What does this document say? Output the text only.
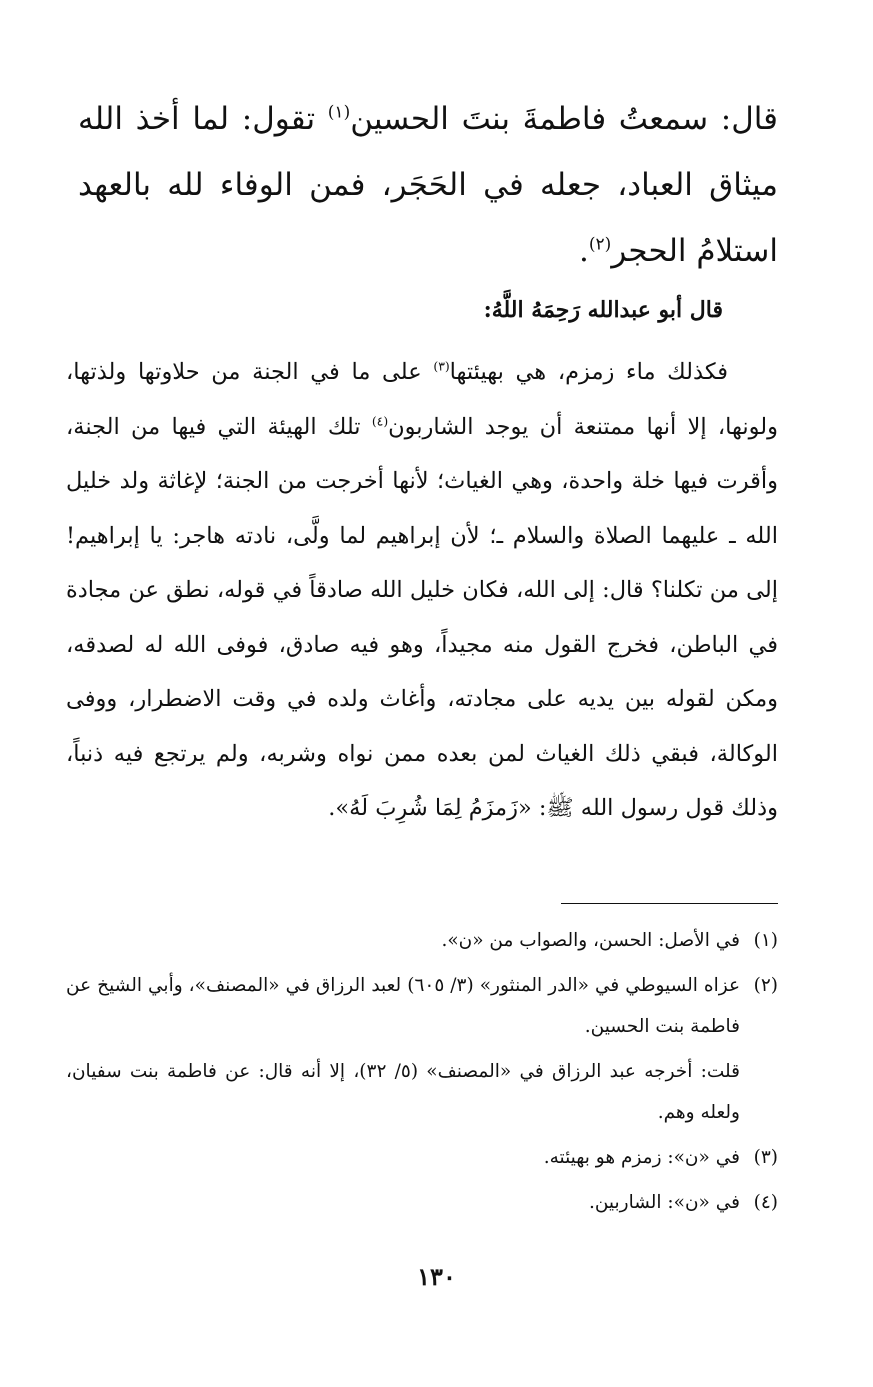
قال: سمعتُ فاطمةَ بنتَ الحسين$^{(١)}$ تقول: لما أخذ الله ميثاق العباد، جعله في الحَجَر، فمن الوفاء لله بالعهد استلامُ الحجر$^{(٢)}$.

قال أبو عبدالله رَحِمَهُ اللَّهُ:

فكذلك ماء زمزم، هي بهيئتها$^{(٣)}$ على ما في الجنة من حلاوتها ولذتها، ولونها، إلا أنها ممتنعة أن يوجد الشاربون$^{(٤)}$ تلك الهيئة التي فيها من الجنة، وأقرت فيها خلة واحدة، وهي الغياث؛ لأنها أخرجت من الجنة؛ لإغاثة ولد خليل الله ـ عليهما الصلاة والسلام ـ؛ لأن إبراهيم لما ولَّى، نادته هاجر: يا إبراهيم! إلى من تكلنا؟ قال: إلى الله، فكان خليل الله صادقاً في قوله، نطق عن مجادة في الباطن، فخرج القول منه مجيداً، وهو فيه صادق، فوفى الله له لصدقه، ومكن لقوله بين يديه على مجادته، وأغاث ولده في وقت الاضطرار، ووفى الوكالة، فبقي ذلك الغياث لمن بعده ممن نواه وشربه، ولم يرتجع فيه ذنباً، وذلك قول رسول الله ﷺ: «زَمزَمُ لِمَا شُرِبَ لَهُ».

(١)
في الأصل: الحسن، والصواب من «ن».
(٢)
عزاه السيوطي في «الدر المنثور» (٣/ ٦٠٥) لعبد الرزاق في «المصنف»، وأبي الشيخ عن فاطمة بنت الحسين.

قلت: أخرجه عبد الرزاق في «المصنف» (٥/ ٣٢)، إلا أنه قال: عن فاطمة بنت سفيان، ولعله وهم.

(٣)
في «ن»: زمزم هو بهيئته.
(٤)
في «ن»: الشاربين.
١٣٠
